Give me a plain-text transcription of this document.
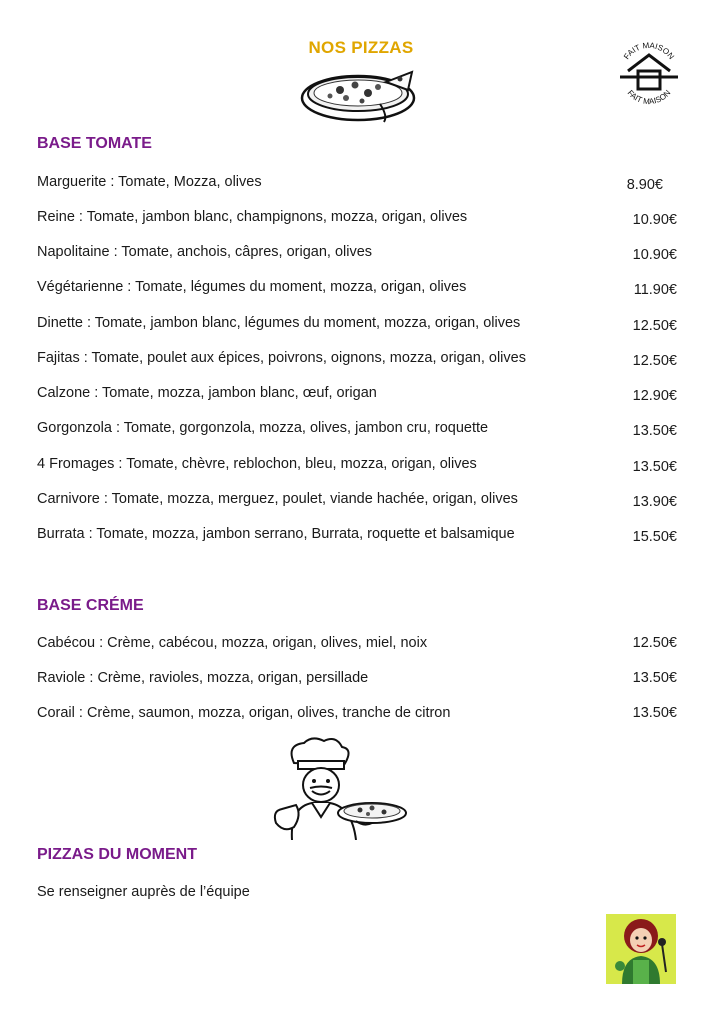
NOS PIZZAS	FAIT MAISON
FAIT MAISON
BASE TOMATE
Marguerite : Tomate, Mozza, olives	8.90€
Reine : Tomate, jambon blanc, champignons, mozza, origan, olives	10.90€
Napolitaine : Tomate, anchois, câpres, origan, olives	10.90€
Végétarienne : Tomate, légumes du moment, mozza, origan, olives	11.90€
Dinette : Tomate, jambon blanc, légumes du moment, mozza, origan, olives	12.50€
Fajitas : Tomate, poulet aux épices, poivrons, oignons, mozza, origan, olives	12.50€
Calzone : Tomate, mozza, jambon blanc, œuf, origan	12.90€
Gorgonzola : Tomate, gorgonzola, mozza, olives, jambon cru, roquette	13.50€
4 Fromages : Tomate, chèvre, reblochon, bleu, mozza, origan, olives	13.50€
Carnivore : Tomate, mozza, merguez, poulet, viande hachée, origan, olives	13.90€
Burrata : Tomate, mozza, jambon serrano, Burrata, roquette et balsamique	15.50€
BASE CRÉME
Cabécou : Crème, cabécou, mozza, origan, olives, miel, noix	12.50€
Raviole : Crème, ravioles, mozza, origan, persillade	13.50€
Corail : Crème, saumon, mozza, origan, olives, tranche de citron	13.50€
PIZZAS DU MOMENT
Se renseigner auprès de l’équipe
